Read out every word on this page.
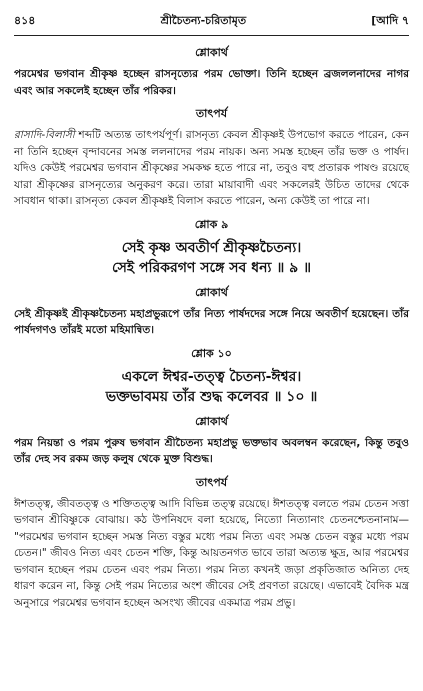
৪১৪	শ্রীচৈতন্য-চরিতামৃত	[আদি ৭
শ্লোকার্থ

পরমেশ্বর ভগবান শ্রীকৃষ্ণ হচ্ছেন রাসনৃত্যের পরম ভোক্তা। তিনি হচ্ছেন ব্রজললনাদের নাগর এবং আর সকলেই হচ্ছেন তাঁর পরিকর।

তাৎপর্য

রাসাদি-বিলাসী শব্দটি অত্যন্ত তাৎপর্যপূর্ণ। রাসনৃত্য কেবল শ্রীকৃষ্ণই উপভোগ করতে পারেন, কেন না তিনি হচ্ছেন বৃন্দাবনের সমস্ত ললনাদের পরম নায়ক। অন্য সমস্ত হচ্ছেন তাঁর ভক্ত ও পার্ষদ। যদিও কেউই পরমেশ্বর ভগবান শ্রীকৃষ্ণের সমকক্ষ হতে পারে না, তবুও বহু প্রতারক পাষণ্ড রয়েছে যারা শ্রীকৃষ্ণের রাসনৃত্যের অনুকরণ করে। তারা মায়াবাদী এবং সকলেরই উচিত তাদের থেকে সাবধান থাকা। রাসনৃত্য কেবল শ্রীকৃষ্ণই বিলাস করতে পারেন, অন্য কেউই তা পারে না।

শ্লোক ৯

সেই কৃষ্ণ অবতীর্ণ শ্রীকৃষ্ণচৈতন্য।

সেই পরিকরগণ সঙ্গে সব ধন্য ॥ ৯ ॥

শ্লোকার্থ

সেই শ্রীকৃষ্ণই শ্রীকৃষ্ণচৈতন্য মহাপ্রভুরূপে তাঁর নিত্য পার্ষদদের সঙ্গে নিয়ে অবতীর্ণ হয়েছেন। তাঁর পার্ষদগণও তাঁরই মতো মহিমান্বিত।

শ্লোক ১০

একলে ঈশ্বর-তত্ত্ব চৈতন্য-ঈশ্বর।

ভক্তভাবময় তাঁর শুদ্ধ কলেবর ॥ ১০ ॥

শ্লোকার্থ

পরম নিয়ন্তা ও পরম পুরুষ ভগবান শ্রীচৈতন্য মহাপ্রভু ভক্তভাব অবলম্বন করেছেন, কিন্তু তবুও তাঁর দেহ সব রকম জড় কলুষ থেকে মুক্ত বিশুদ্ধ।

তাৎপর্য

ঈশতত্ত্ব, জীবতত্ত্ব ও শক্তিতত্ত্ব আদি বিভিন্ন তত্ত্ব রয়েছে। ঈশতত্ত্ব বলতে পরম চেতন সত্তা ভগবান শ্রীবিষ্ণুকে বোঝায়। কঠ উপনিষদে বলা হয়েছে, নিত্যো নিত্যানাং চেতনশ্চেতনানাম— "পরমেশ্বর ভগবান হচ্ছেন সমস্ত নিত্য বস্তুর মধ্যে পরম নিত্য এবং সমস্ত চেতন বস্তুর মধ্যে পরম চেতন।" জীবও নিত্য এবং চেতন শক্তি, কিন্তু আয়তনগত ভাবে তারা অত্যন্ত ক্ষুদ্র, আর পরমেশ্বর ভগবান হচ্ছেন পরম চেতন এবং পরম নিত্য। পরম নিত্য কখনই জড়া প্রকৃতিজাত অনিত্য দেহ ধারণ করেন না, কিন্তু সেই পরম নিত্যের অংশ জীবের সেই প্রবণতা রয়েছে। এভাবেই বৈদিক মন্ত্র অনুসারে পরমেশ্বর ভগবান হচ্ছেন অসংখ্য জীবের একমাত্র পরম প্রভু।
